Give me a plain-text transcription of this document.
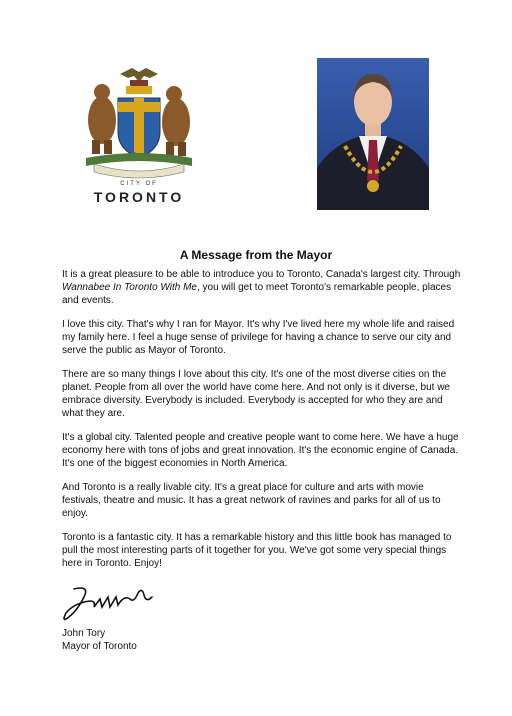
CITY OF
TORONTO
A Message from the Mayor

It is a great pleasure to be able to introduce you to Toronto, Canada's largest city. Through Wannabee In Toronto With Me, you will get to meet Toronto's remarkable people, places and events.

I love this city. That's why I ran for Mayor. It's why I've lived here my whole life and raised my family here. I feel a huge sense of privilege for having a chance to serve our city and serve the public as Mayor of Toronto.

There are so many things I love about this city. It's one of the most diverse cities on the planet. People from all over the world have come here. And not only is it diverse, but we embrace diversity. Everybody is included. Everybody is accepted for who they are and what they are.

It's a global city. Talented people and creative people want to come here. We have a huge economy here with tons of jobs and great innovation. It's the economic engine of Canada. It's one of the biggest economies in North America.

And Toronto is a really livable city. It's a great place for culture and arts with movie festivals, theatre and music. It has a great network of ravines and parks for all of us to enjoy.

Toronto is a fantastic city. It has a remarkable history and this little book has managed to pull the most interesting parts of it together for you. We've got some very special things here in Toronto. Enjoy!

John Tory
Mayor of Toronto
